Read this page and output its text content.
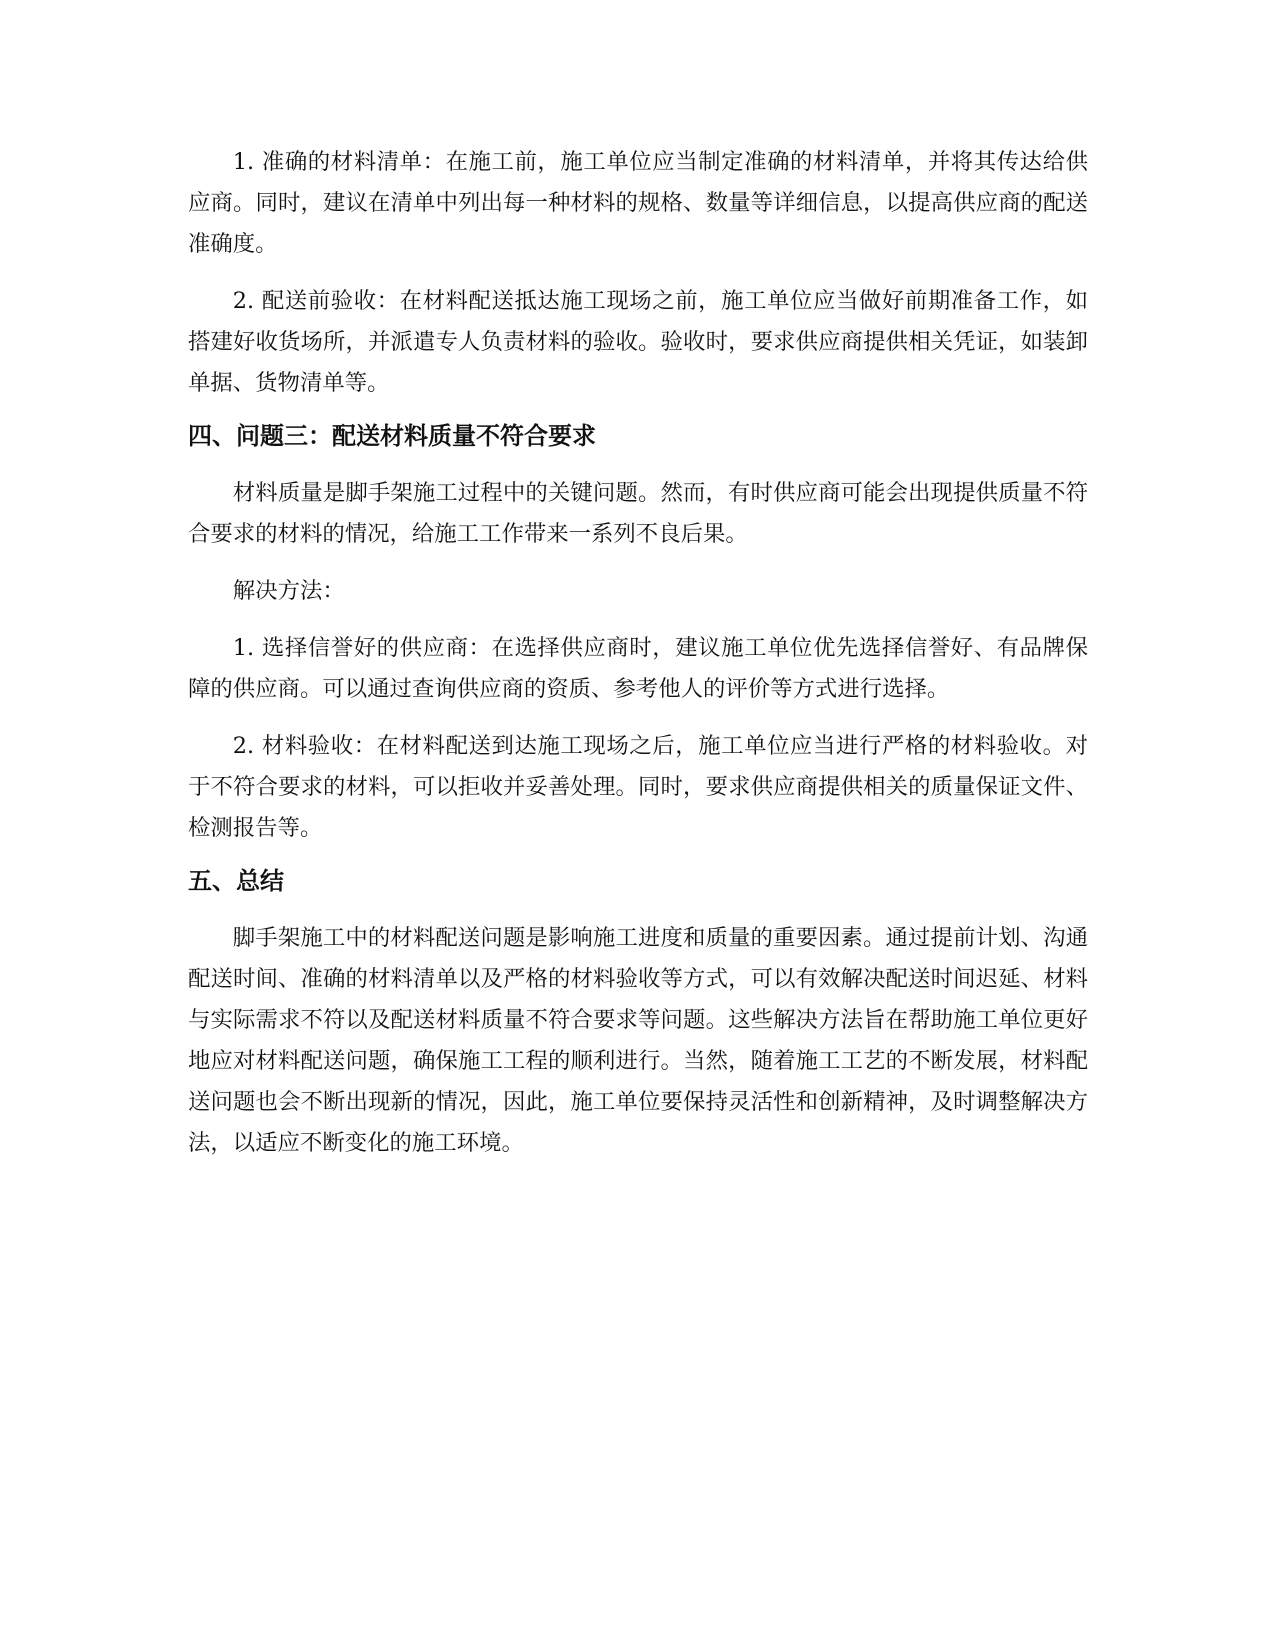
1. 准确的材料清单：在施工前，施工单位应当制定准确的材料清单，并将其传达给供应商。同时，建议在清单中列出每一种材料的规格、数量等详细信息，以提高供应商的配送准确度。

2. 配送前验收：在材料配送抵达施工现场之前，施工单位应当做好前期准备工作，如搭建好收货场所，并派遣专人负责材料的验收。验收时，要求供应商提供相关凭证，如装卸单据、货物清单等。

四、问题三：配送材料质量不符合要求

材料质量是脚手架施工过程中的关键问题。然而，有时供应商可能会出现提供质量不符合要求的材料的情况，给施工工作带来一系列不良后果。

解决方法：

1. 选择信誉好的供应商：在选择供应商时，建议施工单位优先选择信誉好、有品牌保障的供应商。可以通过查询供应商的资质、参考他人的评价等方式进行选择。

2. 材料验收：在材料配送到达施工现场之后，施工单位应当进行严格的材料验收。对于不符合要求的材料，可以拒收并妥善处理。同时，要求供应商提供相关的质量保证文件、检测报告等。

五、总结

脚手架施工中的材料配送问题是影响施工进度和质量的重要因素。通过提前计划、沟通配送时间、准确的材料清单以及严格的材料验收等方式，可以有效解决配送时间迟延、材料与实际需求不符以及配送材料质量不符合要求等问题。这些解决方法旨在帮助施工单位更好地应对材料配送问题，确保施工工程的顺利进行。当然，随着施工工艺的不断发展，材料配送问题也会不断出现新的情况，因此，施工单位要保持灵活性和创新精神，及时调整解决方法，以适应不断变化的施工环境。
